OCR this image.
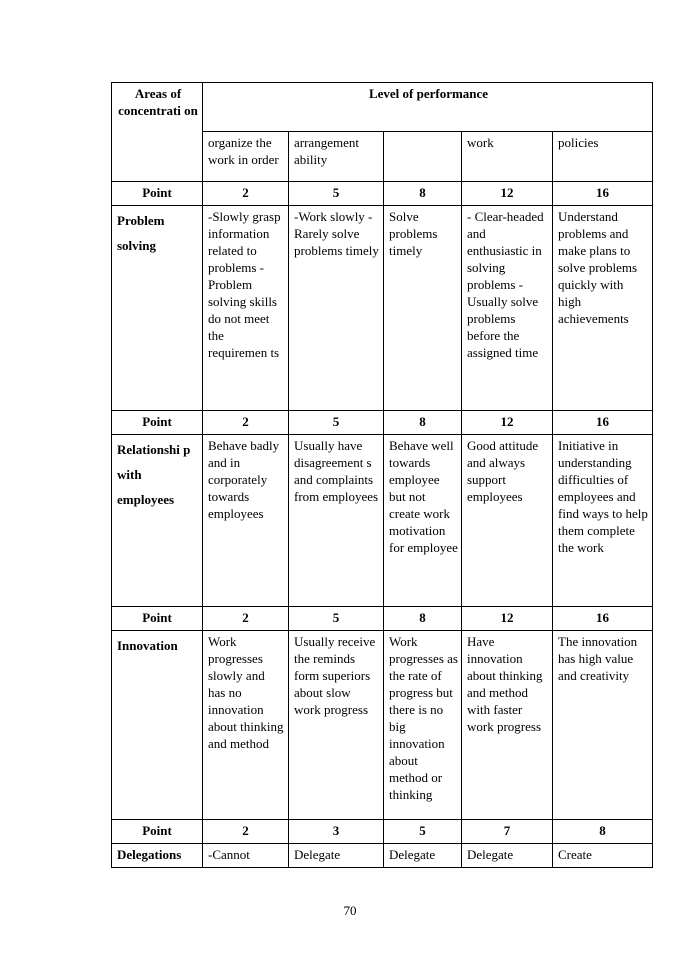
Areas of concentrati on	Level of performance				
	organize the work in order	arrangement ability		work	policies
Point	2	5	8	12	16
Problem solving	-Slowly grasp information related to problems -Problem solving skills do not meet the requiremen ts	-Work slowly -Rarely solve problems timely	Solve problems timely	- Clear-headed and enthusiastic in solving problems -Usually solve problems before the assigned time	Understand problems and make plans to solve problems quickly with high achievements
Point	2	5	8	12	16
Relationshi p with employees	Behave badly and in corporately towards employees	Usually have disagreement s and complaints from employees	Behave well towards employee but not create work motivation for employee	Good attitude and always support employees	Initiative in understanding difficulties of employees and find ways to help them complete the work
Point	2	5	8	12	16
Innovation	Work progresses slowly and has no innovation about thinking and method	Usually receive the reminds form superiors about slow work progress	Work progresses as the rate of progress but there is no big innovation about method or thinking	Have innovation about thinking and method with faster work progress	The innovation has high value and creativity
Point	2	3	5	7	8
Delegations	-Cannot	Delegate	Delegate	Delegate	Create
70
